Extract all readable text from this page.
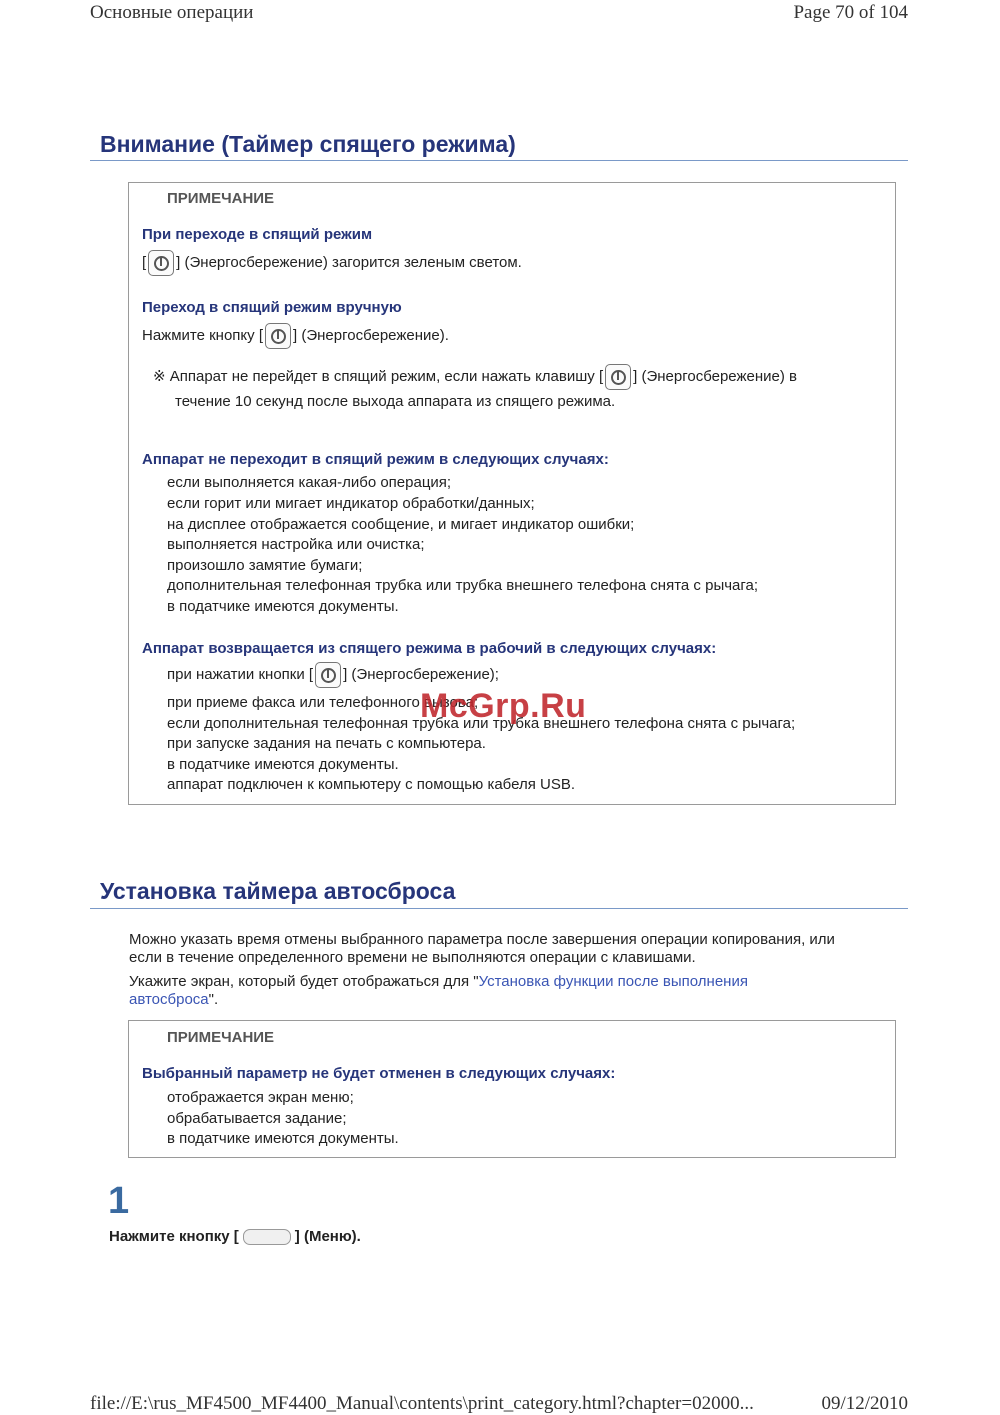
Основные операции	Page 70 of 104
Внимание (Таймер спящего режима)
ПРИМЕЧАНИЕ
При переходе в спящий режим
[ ] (Энергосбережение) загорится зеленым светом.
Переход в спящий режим вручную
Нажмите кнопку [ ] (Энергосбережение).
※ Аппарат не перейдет в спящий режим, если нажать клавишу [ ] (Энергосбережение) в
течение 10 секунд после выхода аппарата из спящего режима.
Аппарат не переходит в спящий режим в следующих случаях:
если выполняется какая-либо операция;
если горит или мигает индикатор обработки/данных;
на дисплее отображается сообщение, и мигает индикатор ошибки;
выполняется настройка или очистка;
произошло замятие бумаги;
дополнительная телефонная трубка или трубка внешнего телефона снята с рычага;
в податчике имеются документы.
Аппарат возвращается из спящего режима в рабочий в следующих случаях:
при нажатии кнопки [ ] (Энергосбережение);
при приеме факса или телефонного вызова;
если дополнительная телефонная трубка или трубка внешнего телефона снята с рычага;
при запуске задания на печать с компьютера.
в податчике имеются документы.
аппарат подключен к компьютеру с помощью кабеля USB.
McGrp.Ru
Установка таймера автосброса
Можно указать время отмены выбранного параметра после завершения операции копирования, или
если в течение определенного времени не выполняются операции с клавишами.
Укажите экран, который будет отображаться для "Установка функции после выполнения
автосброса".
ПРИМЕЧАНИЕ
Выбранный параметр не будет отменен в следующих случаях:
отображается экран меню;
обрабатывается задание;
в податчике имеются документы.
1
Нажмите кнопку [	] (Меню).
file://E:\rus_MF4500_MF4400_Manual\contents\print_category.html?chapter=02000...	09/12/2010
